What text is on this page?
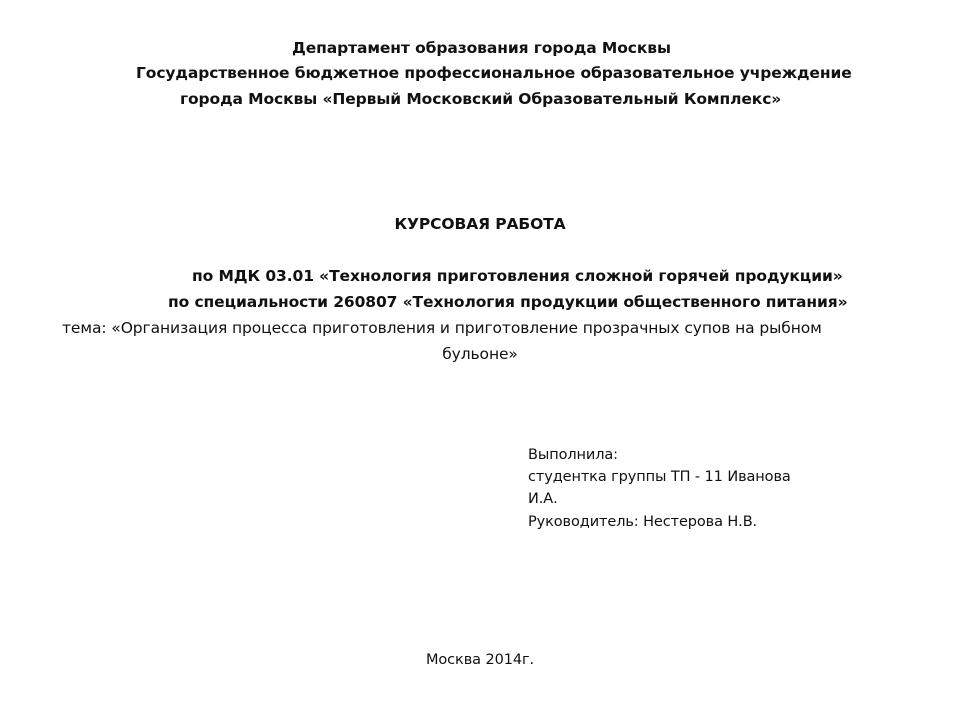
Департамент образования города Москвы
Государственное бюджетное профессиональное образовательное учреждение
города Москвы «Первый Московский Образовательный Комплекс»
КУРСОВАЯ РАБОТА
по МДК 03.01 «Технология приготовления сложной горячей продукции»
по специальности 260807 «Технология продукции общественного питания»
тема: «Организация процесса приготовления и приготовление прозрачных супов на рыбном
бульоне»
Выполнила:
студентка группы ТП - 11 Иванова
И.А.
Руководитель: Нестерова Н.В.
Москва 2014г.
